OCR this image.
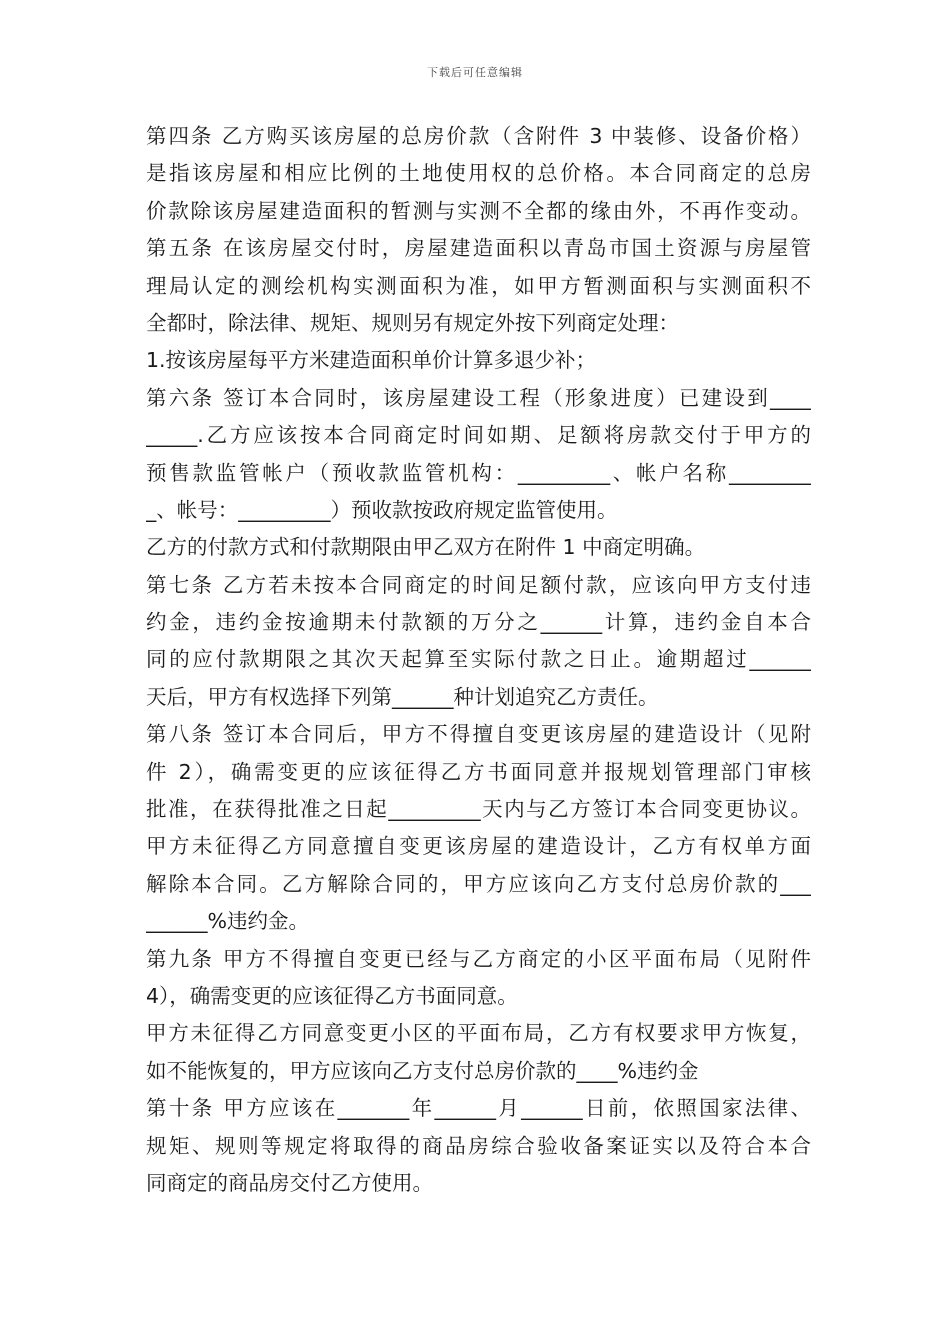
下载后可任意编辑
第四条 乙方购买该房屋的总房价款（含附件 3 中装修、设备价格）
是指该房屋和相应比例的土地使用权的总价格。本合同商定的总房
价款除该房屋建造面积的暂测与实测不全都的缘由外，不再作变动。
第五条 在该房屋交付时，房屋建造面积以青岛市国土资源与房屋管
理局认定的测绘机构实测面积为准，如甲方暂测面积与实测面积不
全都时，除法律、规矩、规则另有规定外按下列商定处理：
1.按该房屋每平方米建造面积单价计算多退少补；
第六条 签订本合同时，该房屋建设工程（形象进度）已建设到____
_____.乙方应该按本合同商定时间如期、足额将房款交付于甲方的
预售款监管帐户（预收款监管机构：_________、帐户名称________
_、帐号：_________）预收款按政府规定监管使用。
乙方的付款方式和付款期限由甲乙双方在附件 1 中商定明确。
第七条 乙方若未按本合同商定的时间足额付款，应该向甲方支付违
约金，违约金按逾期未付款额的万分之______计算，违约金自本合
同的应付款期限之其次天起算至实际付款之日止。逾期超过______
天后，甲方有权选择下列第______种计划追究乙方责任。
第八条 签订本合同后，甲方不得擅自变更该房屋的建造设计（见附
件 2），确需变更的应该征得乙方书面同意并报规划管理部门审核
批准，在获得批准之日起_________天内与乙方签订本合同变更协议。
甲方未征得乙方同意擅自变更该房屋的建造设计，乙方有权单方面
解除本合同。乙方解除合同的，甲方应该向乙方支付总房价款的___
______%违约金。
第九条 甲方不得擅自变更已经与乙方商定的小区平面布局（见附件
4），确需变更的应该征得乙方书面同意。
甲方未征得乙方同意变更小区的平面布局，乙方有权要求甲方恢复，
如不能恢复的，甲方应该向乙方支付总房价款的____%违约金
第十条 甲方应该在_______年______月______日前，依照国家法律、
规矩、规则等规定将取得的商品房综合验收备案证实以及符合本合
同商定的商品房交付乙方使用。
